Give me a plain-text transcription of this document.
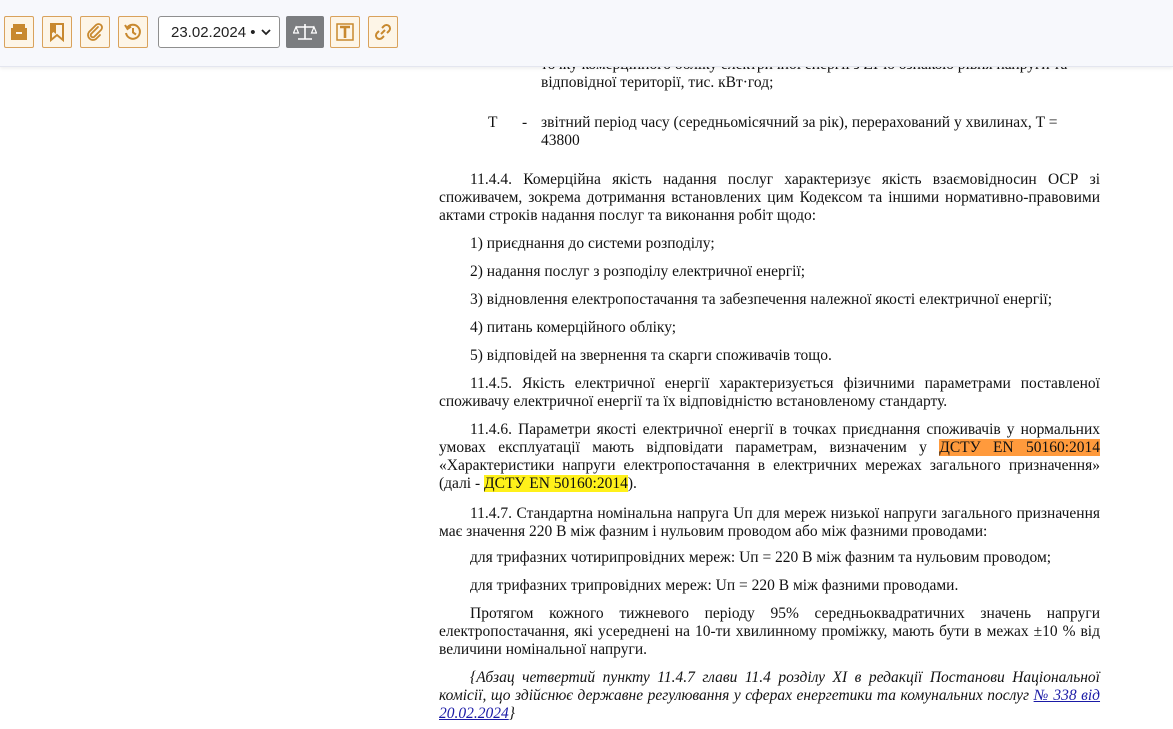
відповідної території, тис. кВт·год;
T - звітний період часу (середньомісячний за рік), перерахований у хвилинах, T = 43800
11.4.4. Комерційна якість надання послуг характеризує якість взаємовідносин ОСР зі споживачем, зокрема дотримання встановлених цим Кодексом та іншими нормативно-правовими актами строків надання послуг та виконання робіт щодо:
1) приєднання до системи розподілу;
2) надання послуг з розподілу електричної енергії;
3) відновлення електропостачання та забезпечення належної якості електричної енергії;
4) питань комерційного обліку;
5) відповідей на звернення та скарги споживачів тощо.
11.4.5. Якість електричної енергії характеризується фізичними параметрами поставленої споживачу електричної енергії та їх відповідністю встановленому стандарту.
11.4.6. Параметри якості електричної енергії в точках приєднання споживачів у нормальних умовах експлуатації мають відповідати параметрам, визначеним у ДСТУ EN 50160:2014 «Характеристики напруги електропостачання в електричних мережах загального призначення» (далі - ДСТУ EN 50160:2014).
11.4.7. Стандартна номінальна напруга Uп для мереж низької напруги загального призначення має значення 220 В між фазним і нульовим проводом або між фазними проводами:
для трифазних чотирипровідних мереж: Uп = 220 В між фазним та нульовим проводом;
для трифазних трипровідних мереж: Uп = 220 В між фазними проводами.
Протягом кожного тижневого періоду 95% середньоквадратичних значень напруги електропостачання, які усереднені на 10-ти хвилинному проміжку, мають бути в межах ±10 % від величини номінальної напруги.
{Абзац четвертий пункту 11.4.7 глави 11.4 розділу XI в редакції Постанови Національної комісії, що здійснює державне регулювання у сферах енергетики та комунальних послуг № 338 від 20.02.2024}
23.02.2024 •
